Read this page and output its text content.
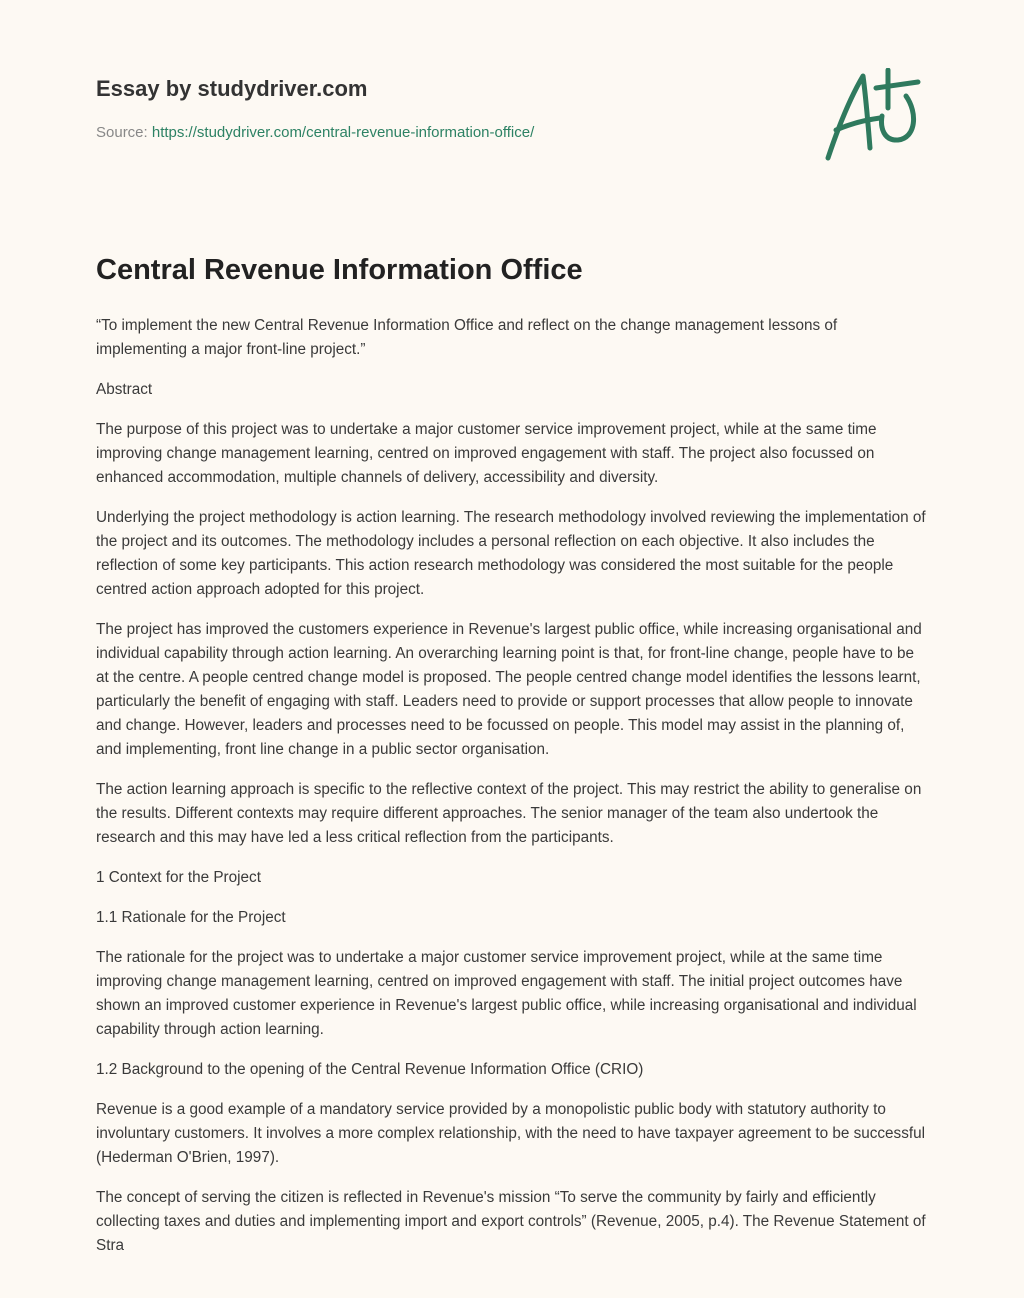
Essay by studydriver.com
Source: https://studydriver.com/central-revenue-information-office/
Central Revenue Information Office

“To implement the new Central Revenue Information Office and reflect on the change management lessons of implementing a major front-line project.”

Abstract

The purpose of this project was to undertake a major customer service improvement project, while at the same time improving change management learning, centred on improved engagement with staff. The project also focussed on enhanced accommodation, multiple channels of delivery, accessibility and diversity.

Underlying the project methodology is action learning. The research methodology involved reviewing the implementation of the project and its outcomes. The methodology includes a personal reflection on each objective. It also includes the reflection of some key participants. This action research methodology was considered the most suitable for the people centred action approach adopted for this project.

The project has improved the customers experience in Revenue's largest public office, while increasing organisational and individual capability through action learning. An overarching learning point is that, for front-line change, people have to be at the centre. A people centred change model is proposed. The people centred change model identifies the lessons learnt, particularly the benefit of engaging with staff. Leaders need to provide or support processes that allow people to innovate and change. However, leaders and processes need to be focussed on people. This model may assist in the planning of, and implementing, front line change in a public sector organisation.

The action learning approach is specific to the reflective context of the project. This may restrict the ability to generalise on the results. Different contexts may require different approaches. The senior manager of the team also undertook the research and this may have led a less critical reflection from the participants.

1 Context for the Project

1.1 Rationale for the Project

The rationale for the project was to undertake a major customer service improvement project, while at the same time improving change management learning, centred on improved engagement with staff. The initial project outcomes have shown an improved customer experience in Revenue's largest public office, while increasing organisational and individual capability through action learning.

1.2 Background to the opening of the Central Revenue Information Office (CRIO)

Revenue is a good example of a mandatory service provided by a monopolistic public body with statutory authority to involuntary customers. It involves a more complex relationship, with the need to have taxpayer agreement to be successful (Hederman O'Brien, 1997).

The concept of serving the citizen is reflected in Revenue's mission “To serve the community by fairly and efficiently collecting taxes and duties and implementing import and export controls” (Revenue, 2005, p.4). The Revenue Statement of Stra
